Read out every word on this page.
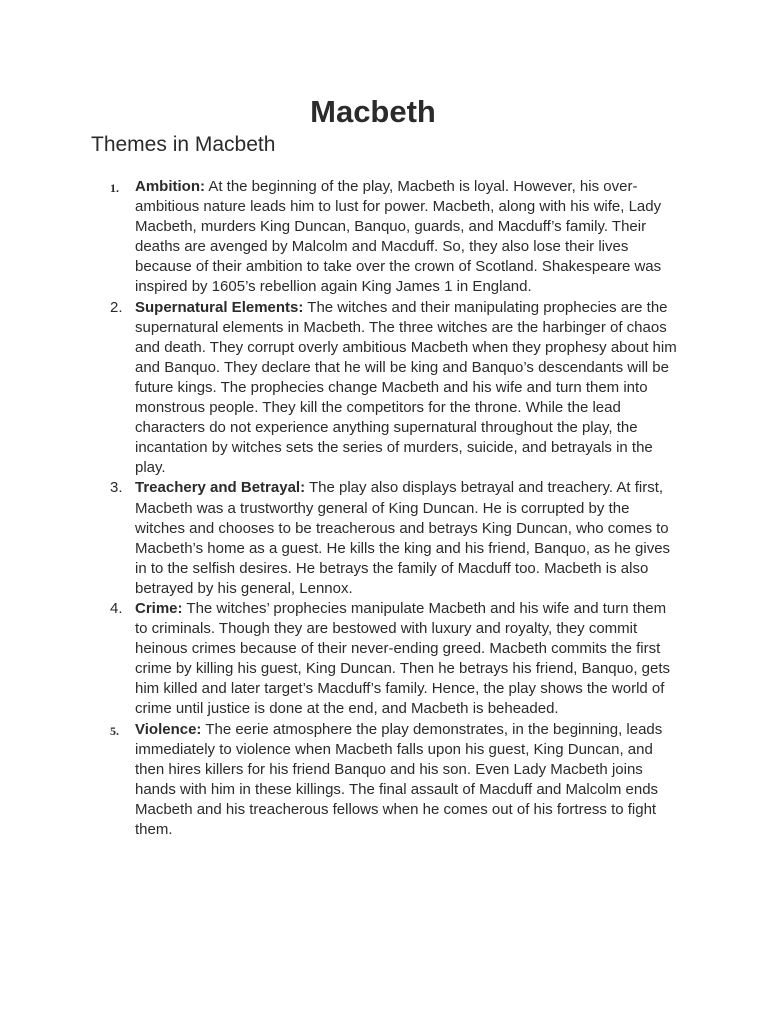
Macbeth
Themes in Macbeth
1.	Ambition: At the beginning of the play, Macbeth is loyal. However, his over-ambitious nature leads him to lust for power. Macbeth, along with his wife, Lady Macbeth, murders King Duncan, Banquo, guards, and Macduff’s family. Their deaths are avenged by Malcolm and Macduff. So, they also lose their lives because of their ambition to take over the crown of Scotland. Shakespeare was inspired by 1605’s rebellion again King James 1 in England.
2. Supernatural Elements: The witches and their manipulating prophecies are the supernatural elements in Macbeth. The three witches are the harbinger of chaos and death. They corrupt overly ambitious Macbeth when they prophesy about him and Banquo. They declare that he will be king and Banquo’s descendants will be future kings. The prophecies change Macbeth and his wife and turn them into monstrous people. They kill the competitors for the throne. While the lead characters do not experience anything supernatural throughout the play, the incantation by witches sets the series of murders, suicide, and betrayals in the play.
3. Treachery and Betrayal: The play also displays betrayal and treachery. At first, Macbeth was a trustworthy general of King Duncan. He is corrupted by the witches and chooses to be treacherous and betrays King Duncan, who comes to Macbeth’s home as a guest. He kills the king and his friend, Banquo, as he gives in to the selfish desires. He betrays the family of Macduff too. Macbeth is also betrayed by his general, Lennox.
4. Crime: The witches’ prophecies manipulate Macbeth and his wife and turn them to criminals. Though they are bestowed with luxury and royalty, they commit heinous crimes because of their never-ending greed. Macbeth commits the first crime by killing his guest, King Duncan. Then he betrays his friend, Banquo, gets him killed and later target’s Macduff’s family. Hence, the play shows the world of crime until justice is done at the end, and Macbeth is beheaded.
5.	Violence: The eerie atmosphere the play demonstrates, in the beginning, leads immediately to violence when Macbeth falls upon his guest, King Duncan, and then hires killers for his friend Banquo and his son. Even Lady Macbeth joins hands with him in these killings. The final assault of Macduff and Malcolm ends Macbeth and his treacherous fellows when he comes out of his fortress to fight them.
